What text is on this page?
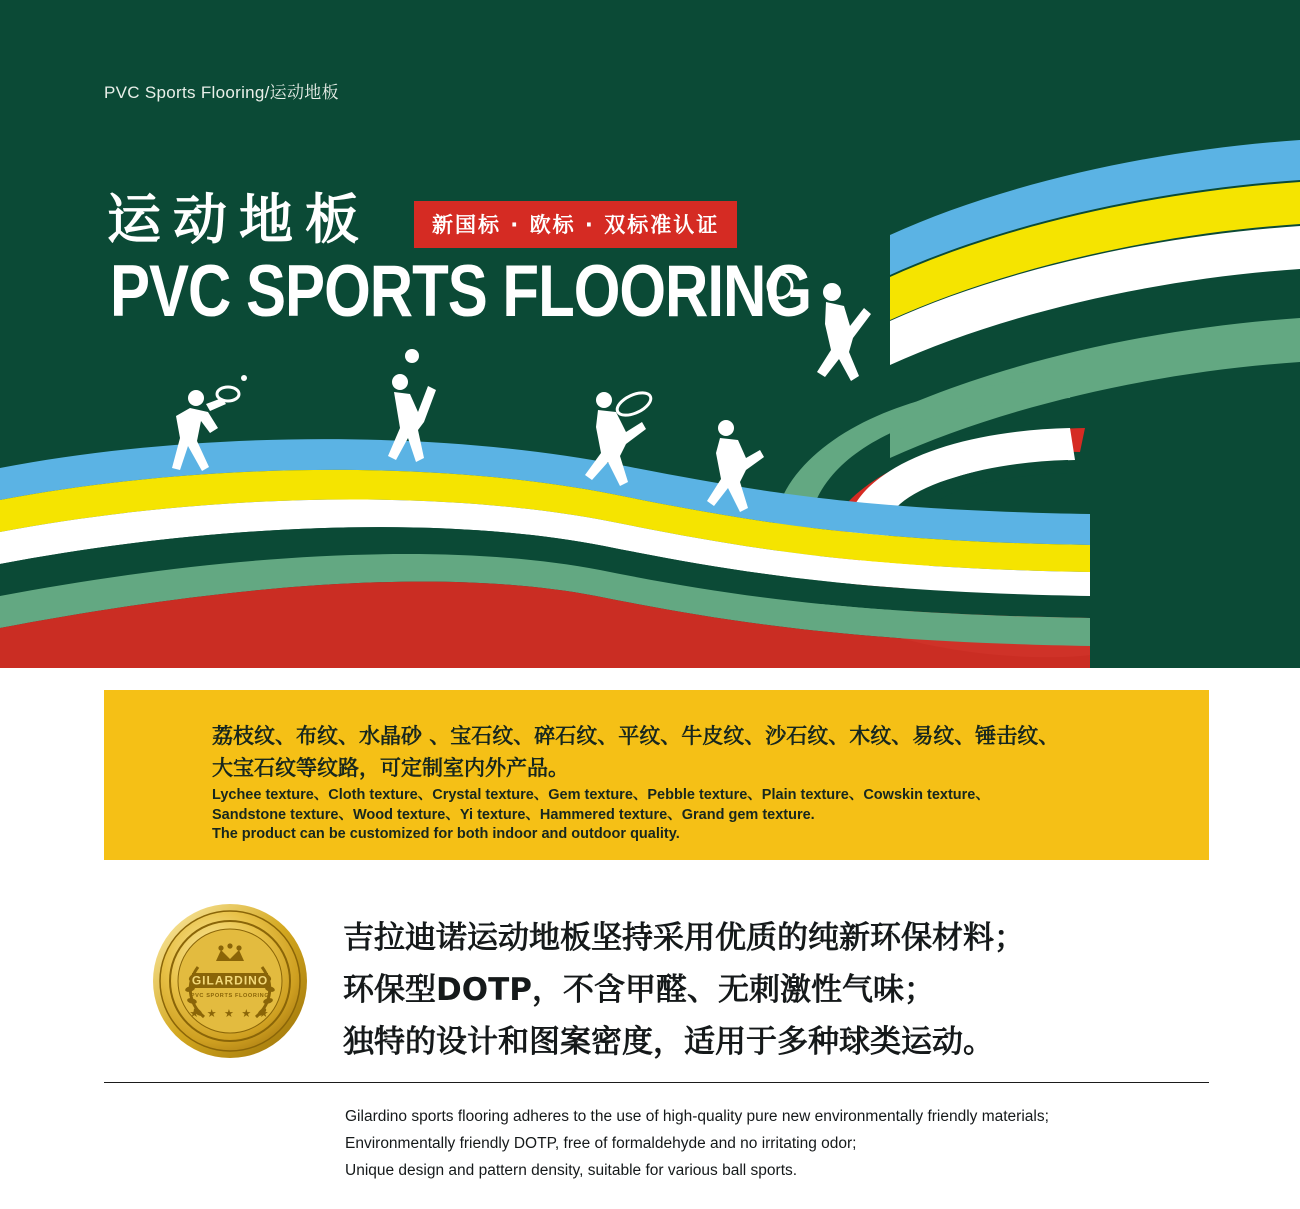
PVC Sports Flooring/运动地板
运动地板	新国标 · 欧标 · 双标准认证
PVC SPORTS FLOORING
荔枝纹、布纹、水晶砂 、宝石纹、碎石纹、平纹、牛皮纹、沙石纹、木纹、易纹、锤击纹、
大宝石纹等纹路，可定制室内外产品。
Lychee texture、Cloth texture、Crystal texture、Gem texture、Pebble texture、Plain texture、Cowskin texture、
Sandstone texture、Wood texture、Yi texture、Hammered texture、Grand gem texture.
The product can be customized for both indoor and outdoor quality.
GILARDINO
PVC SPORTS FLOORING
★ ★ ★ ★ ★
吉拉迪诺运动地板坚持采用优质的纯新环保材料；
环保型DOTP，不含甲醛、无刺激性气味；
独特的设计和图案密度，适用于多种球类运动。
Gilardino sports flooring adheres to the use of high-quality pure new environmentally friendly materials;
Environmentally friendly DOTP, free of formaldehyde and no irritating odor;
Unique design and pattern density, suitable for various ball sports.
